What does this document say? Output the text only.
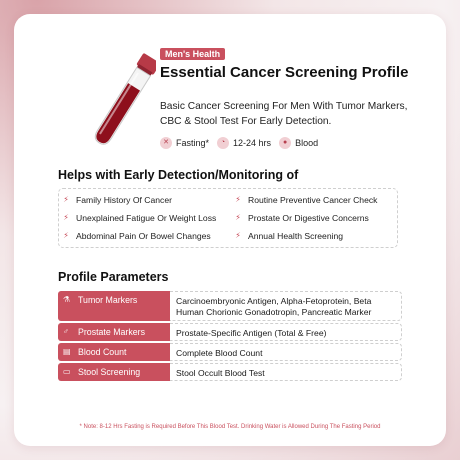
Men's Health
Essential Cancer Screening Profile
Basic Cancer Screening For Men With Tumor Markers, CBC & Stool Test For Early Detection.
✕ Fasting*	◔ 12-24 hrs	● Blood
Helps with Early Detection/Monitoring of
⚡ Family History Of Cancer	⚡ Routine Preventive Cancer Check
⚡ Unexplained Fatigue Or Weight Loss ⚡ Prostate Or Digestive Concerns
⚡ Abdominal Pain Or Bowel Changes	⚡ Annual Health Screening
Profile Parameters
⚗ Tumor Markers	Carcinoembryonic Antigen, Alpha-Fetoprotein, Beta Human Chorionic Gonadotropin, Pancreatic Marker
♂	Prostate Markers	Prostate-Specific Antigen (Total & Free)
▤ Blood Count	Complete Blood Count
▭ Stool Screening	Stool Occult Blood Test
* Note: 8-12 Hrs Fasting is Required Before This Blood Test. Drinking Water is Allowed During The Fasting Period
